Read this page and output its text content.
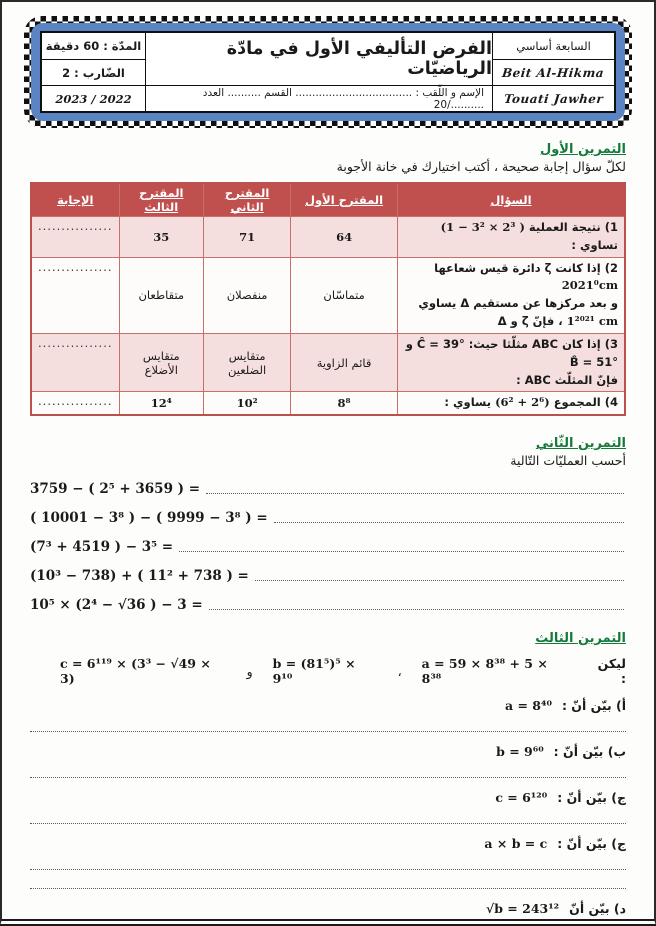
المدّة : 60 دقيقة
الضّارب : 2
2023 / 2022
الفرض التأليفي الأول في مادّة الرياضيّات
الإسم و اللّقب : ................................... القسم .......... العدد ........../20
السابعة أساسي
Beit Al-Hikma
Touati Jawher
التمرين الأول
لكلّ سؤال إجابة صحيحة ، أكتب اختيارك في خانة الأجوبة
السؤال	المقترح الأول	المقترح الثاني	المقترح الثالث	الإجابة
1) نتيجة العملية (1 − 3² × 2³ ) تساوي :	64	71	35	................
2) إذا كانت ζ دائرة قيس شعاعها 2021⁰cm
و بعد مركزها عن مستقيم Δ يساوي 1²⁰²¹ cm ، فإنّ ζ و Δ	متماسّان	منفصلان	متقاطعان	................
3) إذا كان ABC مثلّثا حيث: Ĉ = 39° و B̂ = 51°
فإنّ المثلّث ABC :	قائم الزاوية	متقايس الضلعين	متقايس الأضلاع	................
4) المجموع (6² + 2⁶) يساوي :	8⁸	10²	12⁴	................
التمرين الثّاني
أحسب العمليّات التّالية
3759 − ( 2⁵ + 3659 ) =
( 10001 − 3⁸ ) − ( 9999 − 3⁸ ) =
(7³ + 4519 ) − 3⁵ =
(10³ − 738) + ( 11² + 738 ) =
10⁵ × (2⁴ − √36 ) − 3 =
التمرين الثالث
ليكن :
a = 59 × 8³⁸ + 5 × 8³⁸
،
b = (81⁵)⁵ × 9¹⁰
و
c = 6¹¹⁹ × (3³ − √49 × 3)
أ) بيّن أنّ : a = 8⁴⁰
ب) بيّن أنّ : b = 9⁶⁰
ج) بيّن أنّ : c = 6¹²⁰
ج) بيّن أنّ : a × b = c
د) بيّن أنّ √b = 243¹²
